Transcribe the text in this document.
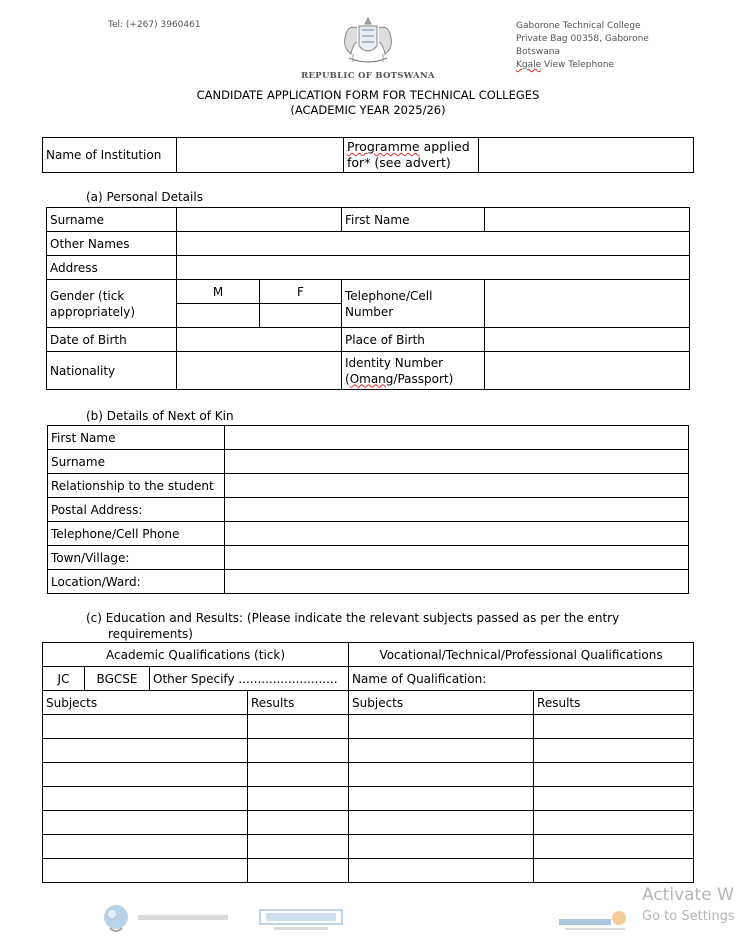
Tel: (+267) 3960461	Gaborone Technical College
Private Bag 00358, Gaborone
Botswana
Kgale View Telephone
REPUBLIC OF BOTSWANA
CANDIDATE APPLICATION FORM FOR TECHNICAL COLLEGES
(ACADEMIC YEAR 2025/26)
Name of Institution		Programme applied
for* (see advert)	
(a) Personal Details
Surname			First Name	
Other Names				
Address				
Gender (tick
appropriately)	M	F	Telephone/Cell
Number	

Date of Birth			Place of Birth	
Nationality			Identity Number
(Omang/Passport)	
(b) Details of Next of Kin
First Name	
Surname	
Relationship to the student	
Postal Address:	
Telephone/Cell Phone	
Town/Village:	
Location/Ward:	
(c) Education and Results: (Please indicate the relevant subjects passed as per the entry
requirements)
Academic Qualifications (tick)				Vocational/Technical/Professional Qualifications	
JC	BGCSE	Other Specify ..........................		Name of Qualification:	
Subjects			Results	Subjects	Results

Activate W
Go to Settings
